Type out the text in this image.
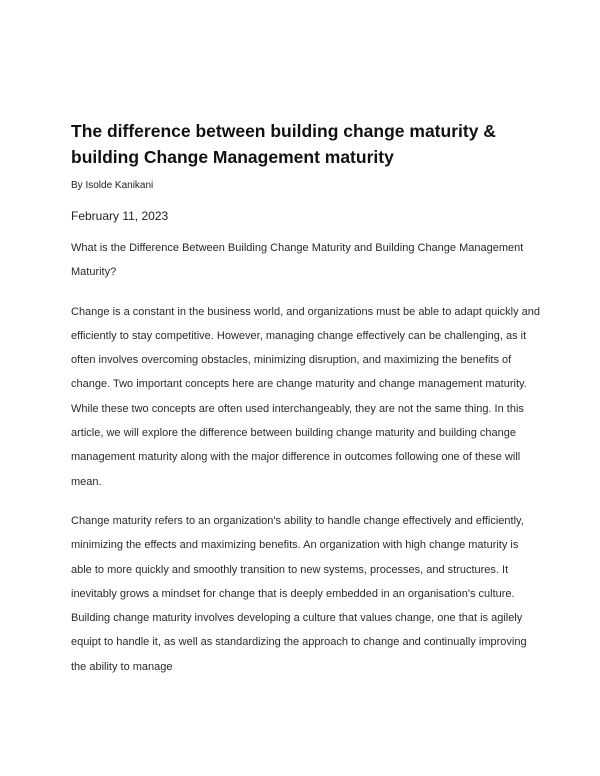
The difference between building change maturity & building Change Management maturity
By Isolde Kanikani
February 11, 2023

What is the Difference Between Building Change Maturity and Building Change Management Maturity?

Change is a constant in the business world, and organizations must be able to adapt quickly and efficiently to stay competitive. However, managing change effectively can be challenging, as it often involves overcoming obstacles, minimizing disruption, and maximizing the benefits of change. Two important concepts here are change maturity and change management maturity. While these two concepts are often used interchangeably, they are not the same thing. In this article, we will explore the difference between building change maturity and building change management maturity along with the major difference in outcomes following one of these will mean.

Change maturity refers to an organization's ability to handle change effectively and efficiently, minimizing the effects and maximizing benefits. An organization with high change maturity is able to more quickly and smoothly transition to new systems, processes, and structures. It inevitably grows a mindset for change that is deeply embedded in an organisation's culture. Building change maturity involves developing a culture that values change, one that is agilely equipt to handle it, as well as standardizing the approach to change and continually improving the ability to manage
